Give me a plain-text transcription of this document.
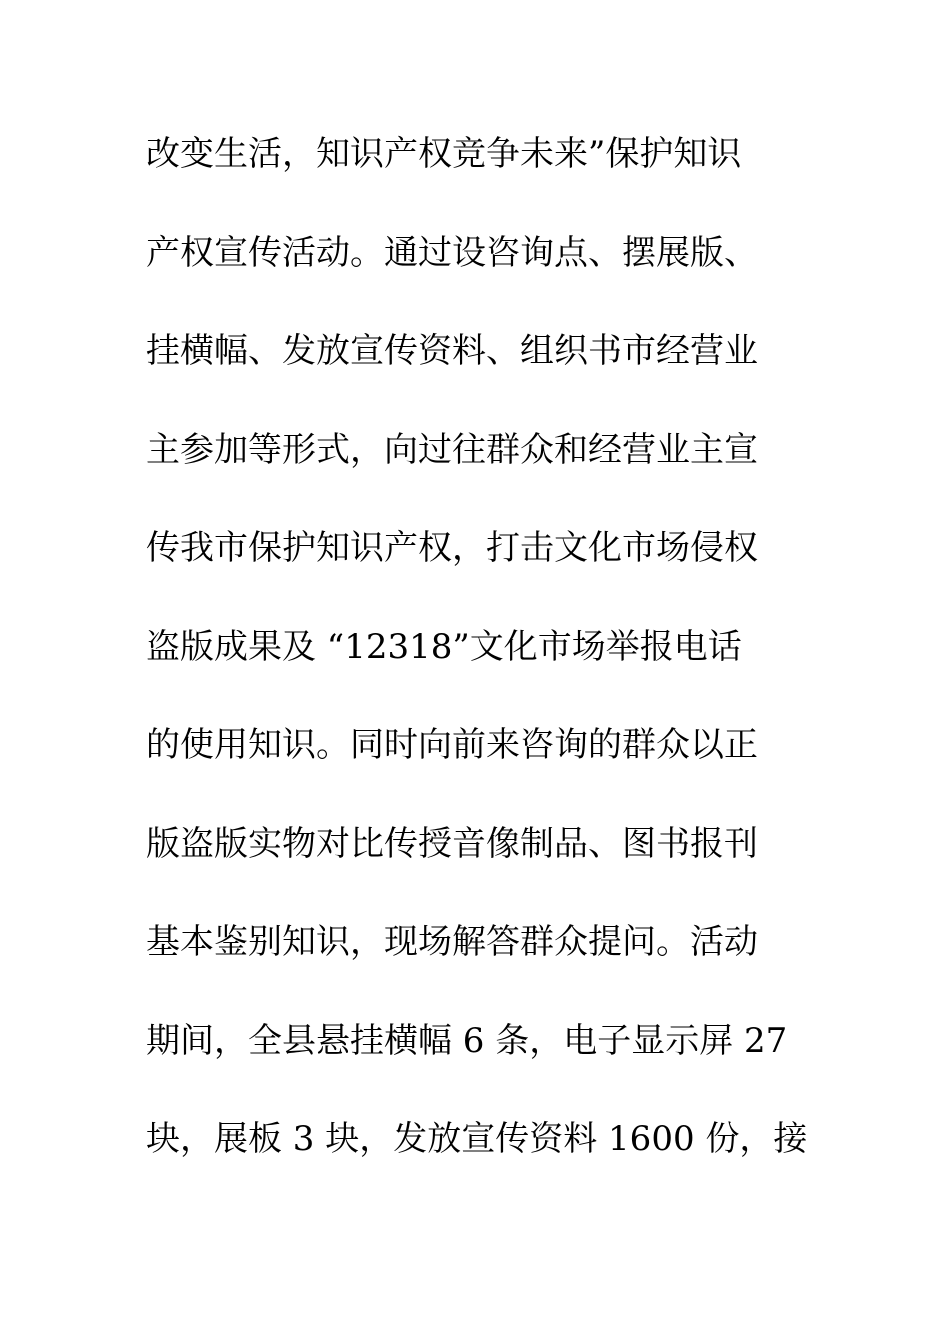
改变生活，知识产权竞争未来”保护知识
产权宣传活动。通过设咨询点、摆展版、
挂横幅、发放宣传资料、组织书市经营业
主参加等形式，向过往群众和经营业主宣
传我市保护知识产权，打击文化市场侵权
盗版成果及 “12318”文化市场举报电话
的使用知识。同时向前来咨询的群众以正
版盗版实物对比传授音像制品、图书报刊
基本鉴别知识，现场解答群众提问。活动
期间，全县悬挂横幅 6 条，电子显示屏 27
块，展板 3 块，发放宣传资料 1600 份，接
